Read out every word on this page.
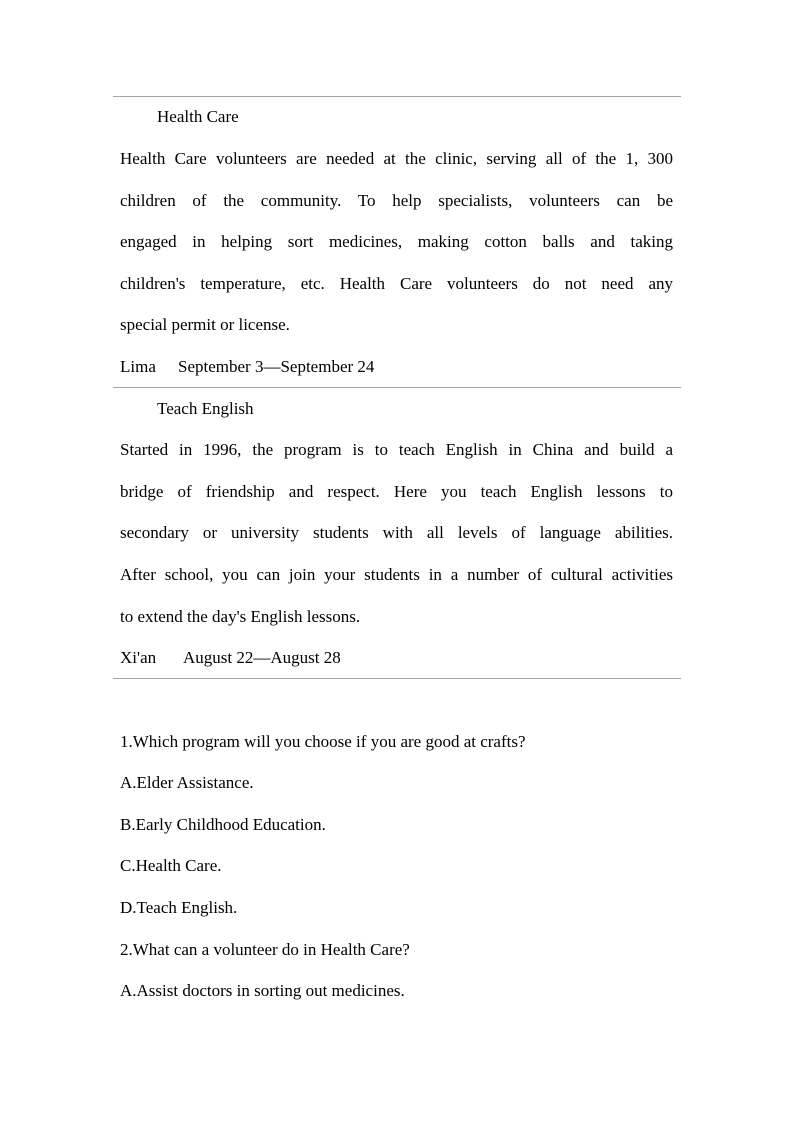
Health Care
Health Care volunteers are needed at the clinic, serving all of the 1, 300
children of the community. To help specialists, volunteers can be
engaged in helping sort medicines, making cotton balls and taking
children's temperature, etc. Health Care volunteers do not need any
special permit or license.
Lima September 3—September 24
Teach English
Started in 1996, the program is to teach English in China and build a
bridge of friendship and respect. Here you teach English lessons to
secondary or university students with all levels of language abilities.
After school, you can join your students in a number of cultural activities
to extend the day's English lessons.
Xi'an August 22—August 28
1.Which program will you choose if you are good at crafts?
A.Elder Assistance.
B.Early Childhood Education.
C.Health Care.
D.Teach English.
2.What can a volunteer do in Health Care?
A.Assist doctors in sorting out medicines.
